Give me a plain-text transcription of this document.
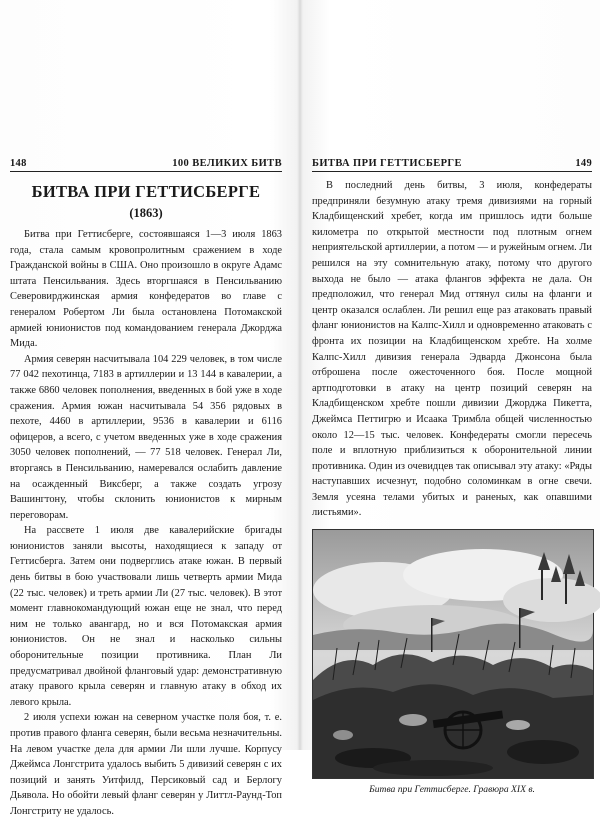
148	100 ВЕЛИКИХ БИТВ
БИТВА ПРИ ГЕТТИСБЕРГЕ
(1863)

Битва при Геттисберге, состоявшаяся 1—3 июля 1863 года, стала самым кровопролитным сражением в ходе Гражданской войны в США. Оно произошло в округе Адамс штата Пенсильвания. Здесь вторгшаяся в Пенсильванию Северовирджинская армия конфедератов во главе с генералом Робертом Ли была остановлена Потомакской армией юнионистов под командованием генерала Джорджа Мида.

Армия северян насчитывала 104 229 человек, в том числе 77 042 пехотинца, 7183 в артиллерии и 13 144 в кавалерии, а также 6860 человек пополнения, введенных в бой уже в ходе сражения. Армия южан насчитывала 54 356 рядовых в пехоте, 4460 в артиллерии, 9536 в кавалерии и 6116 офицеров, а всего, с учетом введенных уже в ходе сражения 3050 человек пополнений, — 77 518 человек. Генерал Ли, вторгаясь в Пенсильванию, намеревался ослабить давление на осажденный Виксберг, а также создать угрозу Вашингтону, чтобы склонить юнионистов к мирным переговорам.

На рассвете 1 июля две кавалерийские бригады юнионистов заняли высоты, находящиеся к западу от Геттисберга. Затем они подверглись атаке южан. В первый день битвы в бою участвовали лишь четверть армии Мида (22 тыс. человек) и треть армии Ли (27 тыс. человек). В этот момент главнокомандующий южан еще не знал, что перед ним не только авангард, но и вся Потомакская армия юнионистов. Он не знал и насколько сильны оборонительные позиции противника. План Ли предусматривал двойной фланговый удар: демонстративную атаку правого крыла северян и главную атаку в обход их левого крыла.

2 июля успехи южан на северном участке поля боя, т. е. против правого фланга северян, были весьма незначительны. На левом участке дела для армии Ли шли лучше. Корпусу Джеймса Лонгстрита удалось выбить 5 дивизий северян с их позиций и занять Уитфилд, Персиковый сад и Берлогу Дьявола. Но обойти левый фланг северян у Литтл-Раунд-Топ Лонгстриту не удалось.

БИТВА ПРИ ГЕТТИСБЕРГЕ	149

В последний день битвы, 3 июля, конфедераты предприняли безумную атаку тремя дивизиями на горный Кладбищенский хребет, когда им пришлось идти больше километра по открытой местности под плотным огнем неприятельской артиллерии, а потом — и ружейным огнем. Ли решился на эту сомнительную атаку, потому что другого выхода не было — атака флангов эффекта не дала. Он предположил, что генерал Мид оттянул силы на фланги и центр оказался ослаблен. Ли решил еще раз атаковать правый фланг юнионистов на Калпс-Хилл и одновременно атаковать с фронта их позиции на Кладбищенском хребте. На холме Калпс-Хилл дивизия генерала Эдварда Джонсона была отброшена после ожесточенного боя. После мощной артподготовки в атаку на центр позиций северян на Кладбищенском хребте пошли дивизии Джорджа Пикетта, Джеймса Петтигрю и Исаака Тримбла общей численностью около 12—15 тыс. человек. Конфедераты смогли пересечь поле и вплотную приблизиться к оборонительной линии противника. Один из очевидцев так описывал эту атаку: «Ряды наступавших исчезнут, подобно соломинкам в огне свечи. Земля усеяна телами убитых и раненых, как опавшими листьями».

Битва при Геттисберге. Гравюра XIX в.
